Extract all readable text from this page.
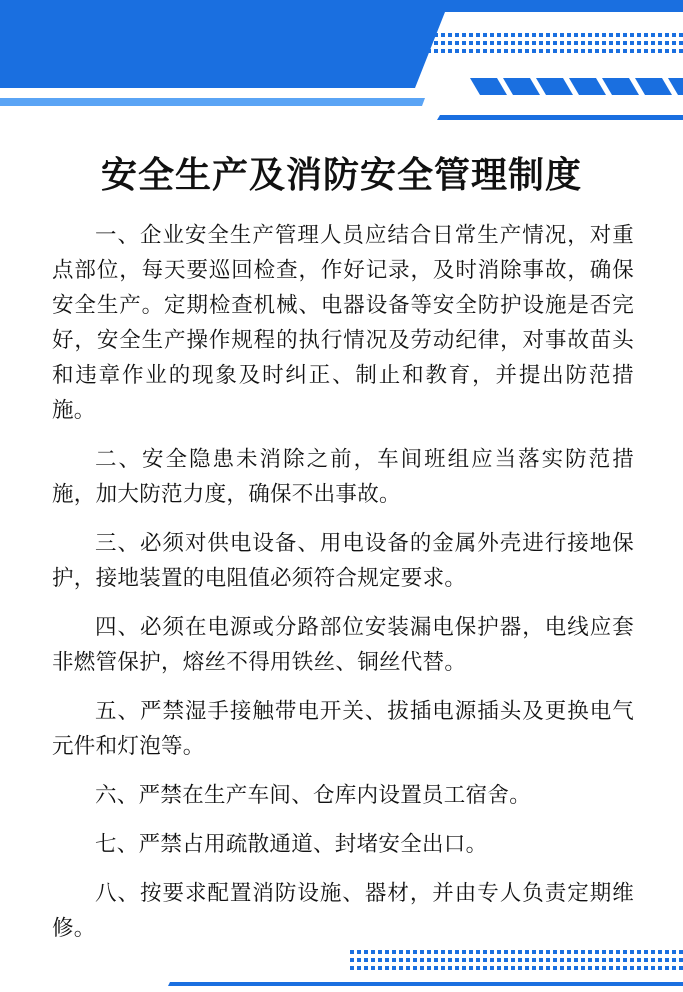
安全生产及消防安全管理制度

一、企业安全生产管理人员应结合日常生产情况，对重点部位，每天要巡回检查，作好记录，及时消除事故，确保安全生产。定期检查机械、电器设备等安全防护设施是否完好，安全生产操作规程的执行情况及劳动纪律，对事故苗头和违章作业的现象及时纠正、制止和教育，并提出防范措施。

二、安全隐患未消除之前，车间班组应当落实防范措施，加大防范力度，确保不出事故。

三、必须对供电设备、用电设备的金属外壳进行接地保护，接地装置的电阻值必须符合规定要求。

四、必须在电源或分路部位安装漏电保护器，电线应套非燃管保护，熔丝不得用铁丝、铜丝代替。

五、严禁湿手接触带电开关、拔插电源插头及更换电气元件和灯泡等。

六、严禁在生产车间、仓库内设置员工宿舍。

七、严禁占用疏散通道、封堵安全出口。

八、按要求配置消防设施、器材，并由专人负责定期维修。
